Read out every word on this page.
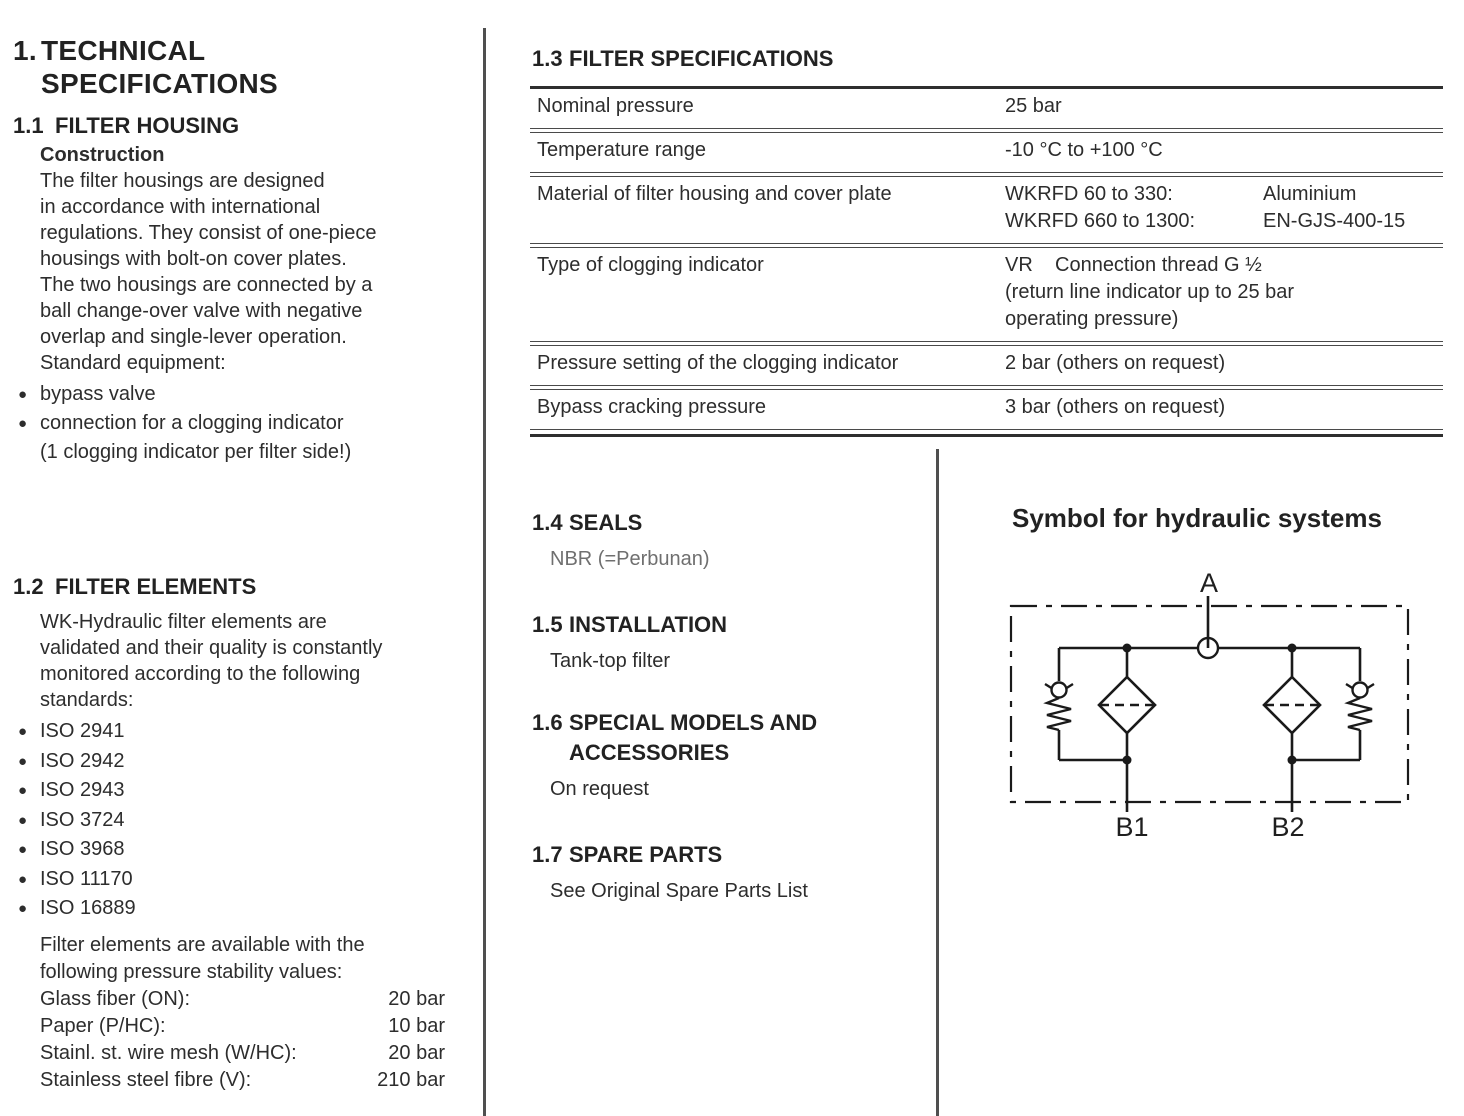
1. TECHNICAL
SPECIFICATIONS
1.1 FILTER HOUSING
Construction
The filter housings are designed
in accordance with international
regulations. They consist of one-piece
housings with bolt-on cover plates.
The two housings are connected by a
ball change-over valve with negative
overlap and single-lever operation.
Standard equipment:
● bypass valve
● connection for a clogging indicator
(1 clogging indicator per filter side!)
1.2 FILTER ELEMENTS
WK-Hydraulic filter elements are
validated and their quality is constantly
monitored according to the following
standards:
● ISO 2941
● ISO 2942
● ISO 2943
● ISO 3724
● ISO 3968
● ISO 11170
● ISO 16889
Filter elements are available with the
following pressure stability values:
Glass fiber (ON):	20 bar
Paper (P/HC):	10 bar
Stainl. st. wire mesh (W/HC):	20 bar
Stainless steel fibre (V):	210 bar
1.3 FILTER SPECIFICATIONS
Nominal pressure	25 bar
Temperature range	-10 °C to +100 °C
Material of filter housing and cover plate	WKRFD 60 to 330:	Aluminium
WKRFD 660 to 1300:	EN-GJS-400-15
Type of clogging indicator	VR Connection thread G ½
(return line indicator up to 25 bar
operating pressure)
Pressure setting of the clogging indicator	2 bar (others on request)
Bypass cracking pressure	3 bar (others on request)
1.4 SEALS
NBR (=Perbunan)
1.5 INSTALLATION
Tank-top filter
1.6 SPECIAL MODELS AND
ACCESSORIES
On request
1.7 SPARE PARTS
See Original Spare Parts List
Symbol for hydraulic systems
A
B1	B2
